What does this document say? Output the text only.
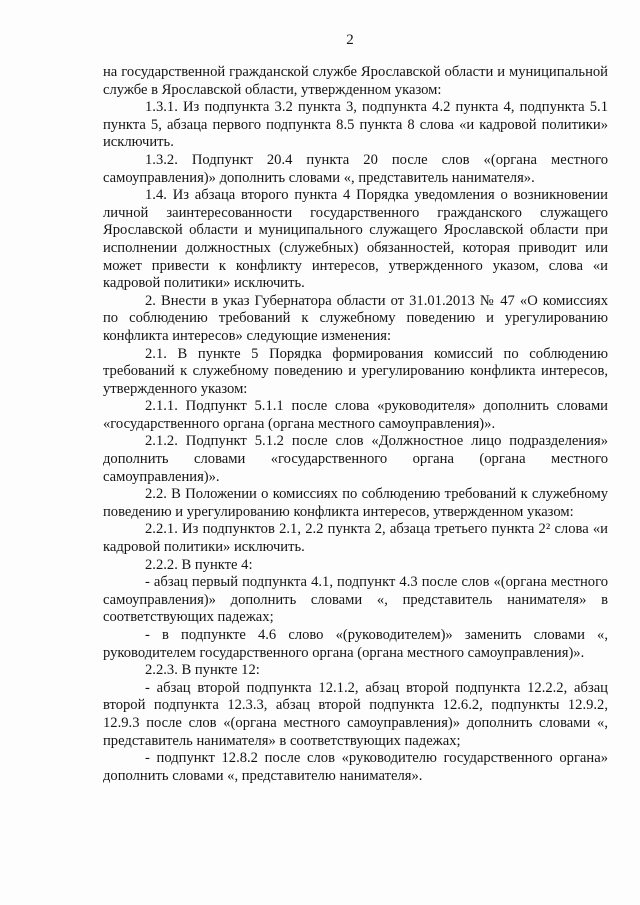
2

на государственной гражданской службе Ярославской области и муниципальной службе в Ярославской области, утвержденном указом:

1.3.1. Из подпункта 3.2 пункта 3, подпункта 4.2 пункта 4, подпункта 5.1 пункта 5, абзаца первого подпункта 8.5 пункта 8 слова «и кадровой политики» исключить.

1.3.2. Подпункт 20.4 пункта 20 после слов «(органа местного самоуправления)» дополнить словами «, представитель нанимателя».

1.4. Из абзаца второго пункта 4 Порядка уведомления о возникновении личной заинтересованности государственного гражданского служащего Ярославской области и муниципального служащего Ярославской области при исполнении должностных (служебных) обязанностей, которая приводит или может привести к конфликту интересов, утвержденного указом, слова «и кадровой политики» исключить.

2. Внести в указ Губернатора области от 31.01.2013 № 47 «О комиссиях по соблюдению требований к служебному поведению и урегулированию конфликта интересов» следующие изменения:

2.1. В пункте 5 Порядка формирования комиссий по соблюдению требований к служебному поведению и урегулированию конфликта интересов, утвержденного указом:

2.1.1. Подпункт 5.1.1 после слова «руководителя» дополнить словами «государственного органа (органа местного самоуправления)».

2.1.2. Подпункт 5.1.2 после слов «Должностное лицо подразделения» дополнить словами «государственного органа (органа местного самоуправления)».

2.2. В Положении о комиссиях по соблюдению требований к служебному поведению и урегулированию конфликта интересов, утвержденном указом:

2.2.1. Из подпунктов 2.1, 2.2 пункта 2, абзаца третьего пункта 2² слова «и кадровой политики» исключить.

2.2.2. В пункте 4:

- абзац первый подпункта 4.1, подпункт 4.3 после слов «(органа местного самоуправления)» дополнить словами «, представитель нанимателя» в соответствующих падежах;

- в подпункте 4.6 слово «(руководителем)» заменить словами «, руководителем государственного органа (органа местного самоуправления)».

2.2.3. В пункте 12:

- абзац второй подпункта 12.1.2, абзац второй подпункта 12.2.2, абзац второй подпункта 12.3.3, абзац второй подпункта 12.6.2, подпункты 12.9.2, 12.9.3 после слов «(органа местного самоуправления)» дополнить словами «, представитель нанимателя» в соответствующих падежах;

- подпункт 12.8.2 после слов «руководителю государственного органа» дополнить словами «, представителю нанимателя».
